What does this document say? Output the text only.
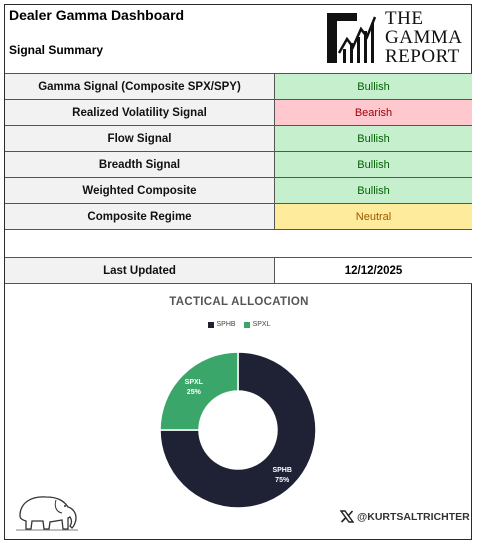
Dealer Gamma Dashboard
Signal Summary
THE
GAMMA
REPORT
Gamma Signal (Composite SPX/SPY)	Bullish
Realized Volatility Signal	Bearish
Flow Signal	Bullish
Breadth Signal	Bullish
Weighted Composite	Bullish
Composite Regime	Neutral
Last Updated	12/12/2025
TACTICAL ALLOCATION
SPHB SPXL
SPHB
75%
SPXL
25%
@KURTSALTRICHTER
